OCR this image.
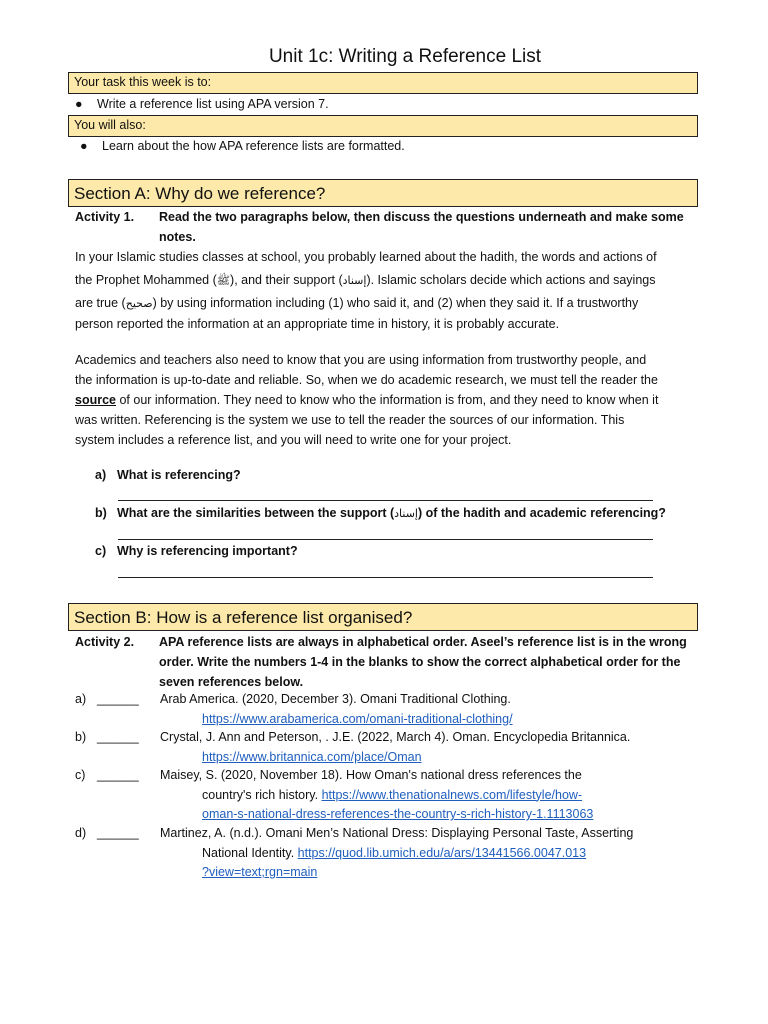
Unit 1c: Writing a Reference List
Your task this week is to:
● Write a reference list using APA version 7.
You will also:
● Learn about the how APA reference lists are formatted.
Section A: Why do we reference?
Activity 1. Read the two paragraphs below, then discuss the questions underneath and make some notes.
In your Islamic studies classes at school, you probably learned about the hadith, the words and actions of
the Prophet Mohammed (ﷺ), and their support (إسناد). Islamic scholars decide which actions and sayings
are true (صحيح) by using information including (1) who said it, and (2) when they said it. If a trustworthy
person reported the information at an appropriate time in history, it is probably accurate.
Academics and teachers also need to know that you are using information from trustworthy people, and
the information is up-to-date and reliable. So, when we do academic research, we must tell the reader the
source of our information. They need to know who the information is from, and they need to know when it
was written. Referencing is the system we use to tell the reader the sources of our information. This
system includes a reference list, and you will need to write one for your project.
a) What is referencing?
b) What are the similarities between the support (إسناد) of the hadith and academic referencing?
c) Why is referencing important?
Section B: How is a reference list organised?
Activity 2. APA reference lists are always in alphabetical order. Aseel’s reference list is in the wrong
order. Write the numbers 1-4 in the blanks to show the correct alphabetical order for the
seven references below.
a) ______ Arab America. (2020, December 3). Omani Traditional Clothing.
https://www.arabamerica.com/omani-traditional-clothing/
b) ______ Crystal, J. Ann and Peterson, . J.E. (2022, March 4). Oman. Encyclopedia Britannica.
https://www.britannica.com/place/Oman
c) ______ Maisey, S. (2020, November 18). How Oman's national dress references the
country's rich history. https://www.thenationalnews.com/lifestyle/how-
oman-s-national-dress-references-the-country-s-rich-history-1.1113063
d) ______ Martinez, A. (n.d.). Omani Men’s National Dress: Displaying Personal Taste, Asserting
National Identity. https://quod.lib.umich.edu/a/ars/13441566.0047.013
?view=text;rgn=main
